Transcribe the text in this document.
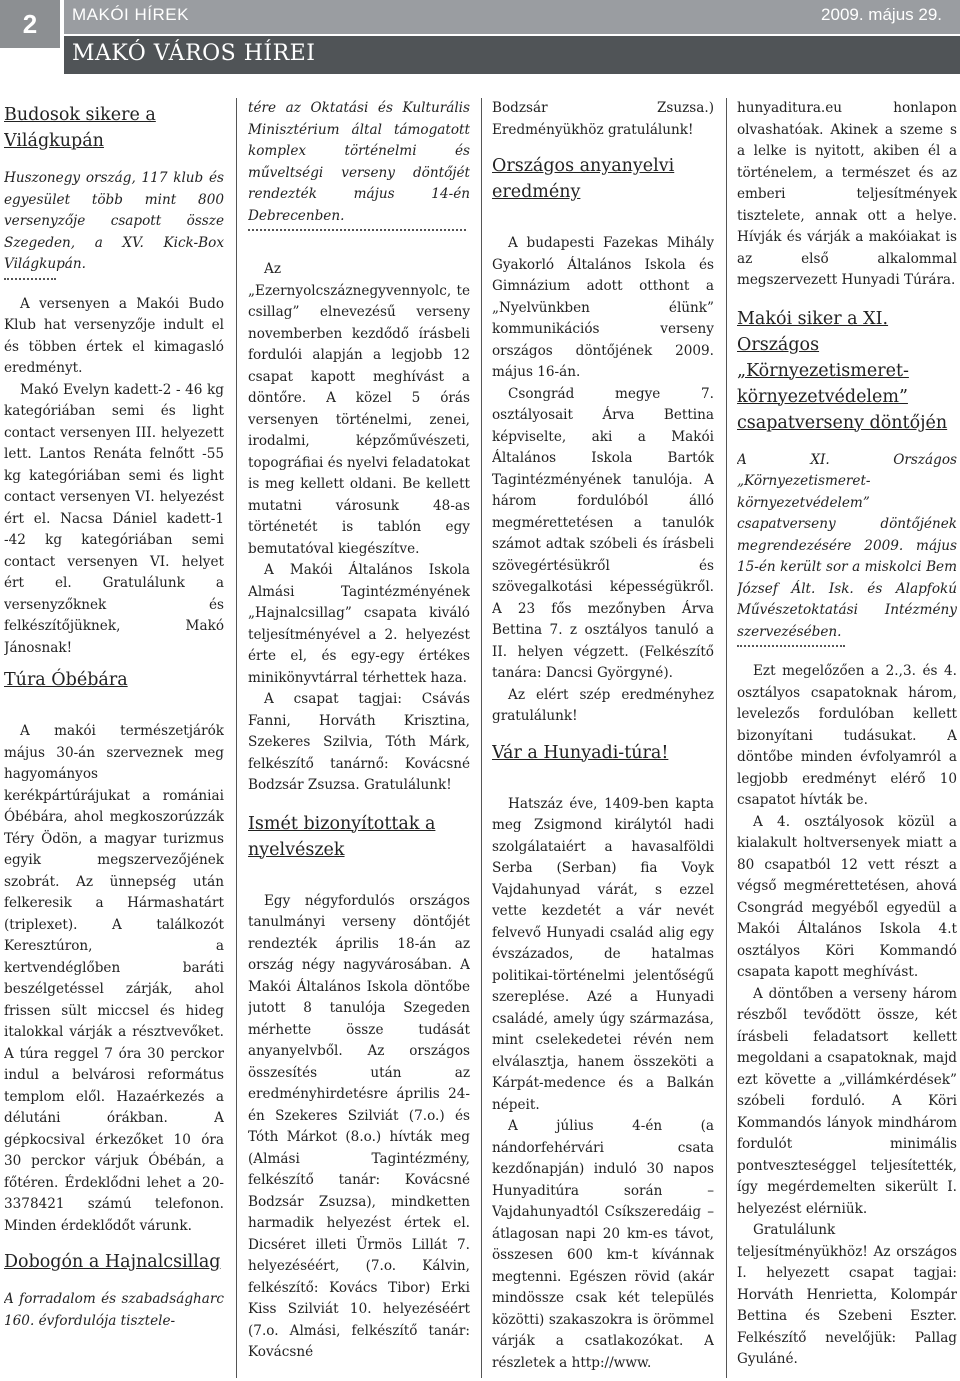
2	MAKÓI HÍREK	2009. május 29.
MAKÓ VÁROS HÍREI
Budosok sikere a Világkupán
Huszonegy ország, 117 klub és egyesület több mint 800 versenyzője csapott össze Szegeden, a XV. Kick-Box Világkupán.

A versenyen a Makói Budo Klub hat versenyzője indult el és többen értek el kimagasló eredményt.

Makó Evelyn kadett-2 - 46 kg kategóriában semi és light contact versenyen III. helyezett lett. Lantos Renáta felnőtt -55 kg kategóriában semi és light contact versenyen VI. helyezést ért el. Nacsa Dániel kadett-1 -42 kg kategóriában semi contact versenyen VI. helyet ért el. Gratulálunk a versenyzőknek és felkészítőjüknek, Makó Jánosnak!

Túra Óbébára

A makói természetjárók május 30-án szerveznek meg hagyományos kerékpártúrájukat a romániai Óbébára, ahol megkoszorúzzák Téry Ödön, a magyar turizmus egyik megszervezőjének szobrát. Az ünnepség után felkeresik a Hármashatárt (triplexet). A találkozót Keresztúron, a kertvendéglőben baráti beszélgetéssel zárják, ahol frissen sült miccsel és hideg italokkal várják a résztvevőket. A túra reggel 7 óra 30 perckor indul a belvárosi református templom elől. Hazaérkezés a délutáni órákban. A gépkocsival érkezőket 10 óra 30 perckor várjuk Óbébán, a főtéren. Érdeklődni lehet a 20-3378421 számú telefonon. Minden érdeklődőt várunk.

Dobogón a Hajnalcsillag
A forradalom és szabadságharc 160. évfordulója tisztele-
tére az Oktatási és Kulturális Minisztérium által támogatott komplex történelmi és műveltségi verseny döntőjét rendezték május 14-én Debrecenben.

Az „Ezernyolcszáznegyvennyolc, te csillag” elnevezésű verseny novemberben kezdődő írásbeli fordulói alapján a legjobb 12 csapat kapott meghívást a döntőre. A közel 5 órás versenyen történelmi, zenei, irodalmi, képzőművészeti, topográfiai és nyelvi feladatokat is meg kellett oldani. Be kellett mutatni városunk 48-as történetét is tablón egy bemutatóval kiegészítve.

A Makói Általános Iskola Almási Tagintézményének „Hajnalcsillag” csapata kiváló teljesítményével a 2. helyezést érte el, és egy-egy értékes minikönyvtárral térhettek haza.

A csapat tagjai: Csávás Fanni, Horváth Krisztina, Szekeres Szilvia, Tóth Márk, felkészítő tanárnő: Kovácsné Bodzsár Zsuzsa. Gratulálunk!

Ismét bizonyítottak a nyelvészek

Egy négyfordulós országos tanulmányi verseny döntőjét rendezték április 18-án az ország négy nagyvárosában. A Makói Általános Iskola döntőbe jutott 8 tanulója Szegeden mérhette össze tudását anyanyelvből. Az országos összesítés után az eredményhirdetésre április 24-én Szekeres Szilviát (7.o.) és Tóth Márkot (8.o.) hívták meg (Almási Tagintézmény, felkészítő tanár: Kovácsné Bodzsár Zsuzsa), mindketten harmadik helyezést értek el. Dicséret illeti Ürmös Lillát 7. helyezéséért, (7.o. Kálvin, felkészítő: Kovács Tibor) Erki Kiss Szilviát 10. helyezéséért (7.o. Almási, felkészítő tanár: Kovácsné

Bodzsár Zsuzsa.) Eredményükhöz gratulálunk!

Országos anyanyelvi eredmény

A budapesti Fazekas Mihály Gyakorló Általános Iskola és Gimnázium adott otthont a „Nyelvünkben élünk” kommunikációs verseny országos döntőjének 2009. május 16-án.

Csongrád megye 7. osztályosait Árva Bettina képviselte, aki a Makói Általános Iskola Bartók Tagintézményének tanulója. A három fordulóból álló megmérettetésen a tanulók számot adtak szóbeli és írásbeli szövegértésükről és szövegalkotási képességükről. A 23 fős mezőnyben Árva Bettina 7. z osztályos tanuló a II. helyen végzett. (Felkészítő tanára: Dancsi Györgyné).

Az elért szép eredményhez gratulálunk!

Vár a Hunyadi-túra!

Hatszáz éve, 1409-ben kapta meg Zsigmond királytól hadi szolgálataiért a havasalföldi Serba (Serban) fia Voyk Vajdahunyad várát, s ezzel vette kezdetét a vár nevét felvevő Hunyadi család alig egy évszázados, de hatalmas politikai-történelmi jelentőségű szereplése. Azé a Hunyadi családé, amely úgy származása, mint cselekedetei révén nem elválasztja, hanem összeköti a Kárpát-medence és a Balkán népeit.

A július 4-én (a nándorfehérvári csata kezdőnapján) induló 30 napos Hunyaditúra során – Vajdahunyadtól Csíkszeredáig – átlagosan napi 20 km-es távot, összesen 600 km-t kívánnak megtenni. Egészen rövid (akár mindössze csak két település közötti) szakaszokra is örömmel várják a csatlakozókat. A részletek a http://www.

hunyaditura.eu honlapon olvashatóak. Akinek a szeme s a lelke is nyitott, akiben él a történelem, a természet és az emberi teljesítmények tisztelete, annak ott a helye. Hívják és várják a makóiakat is az első alkalommal megszervezett Hunyadi Túrára.

Makói siker a XI. Országos „Környezetismeret-környezetvédelem” csapatverseny döntőjén
A XI. Országos „Környezetismeret- környezetvédelem” csapatverseny döntőjének megrendezésére 2009. május 15-én került sor a miskolci Bem József Ált. Isk. és Alapfokú Művészetoktatási Intézmény szervezésében.

Ezt megelőzően a 2.,3. és 4. osztályos csapatoknak három, levelezős fordulóban kellett bizonyítani tudásukat. A döntőbe minden évfolyamról a legjobb eredményt elérő 10 csapatot hívták be.

A 4. osztályosok közül a kialakult holtversenyek miatt a 80 csapatból 12 vett részt a végső megmérettetésen, ahová Csongrád megyéből egyedül a Makói Általános Iskola 4.t osztályos Köri Kommandó csapata kapott meghívást.

A döntőben a verseny három részből tevődött össze, két írásbeli feladatsort kellett megoldani a csapatoknak, majd ezt követte a „villámkérdések” szóbeli forduló. A Köri Kommandós lányok mindhárom fordulót minimális pontveszteséggel teljesítették, így megérdemelten sikerült I. helyezést elérniük.

Gratulálunk teljesítményükhöz! Az országos I. helyezett csapat tagjai: Horváth Henrietta, Kolompár Bettina és Szebeni Eszter. Felkészítő nevelőjük: Pallag Gyuláné.
